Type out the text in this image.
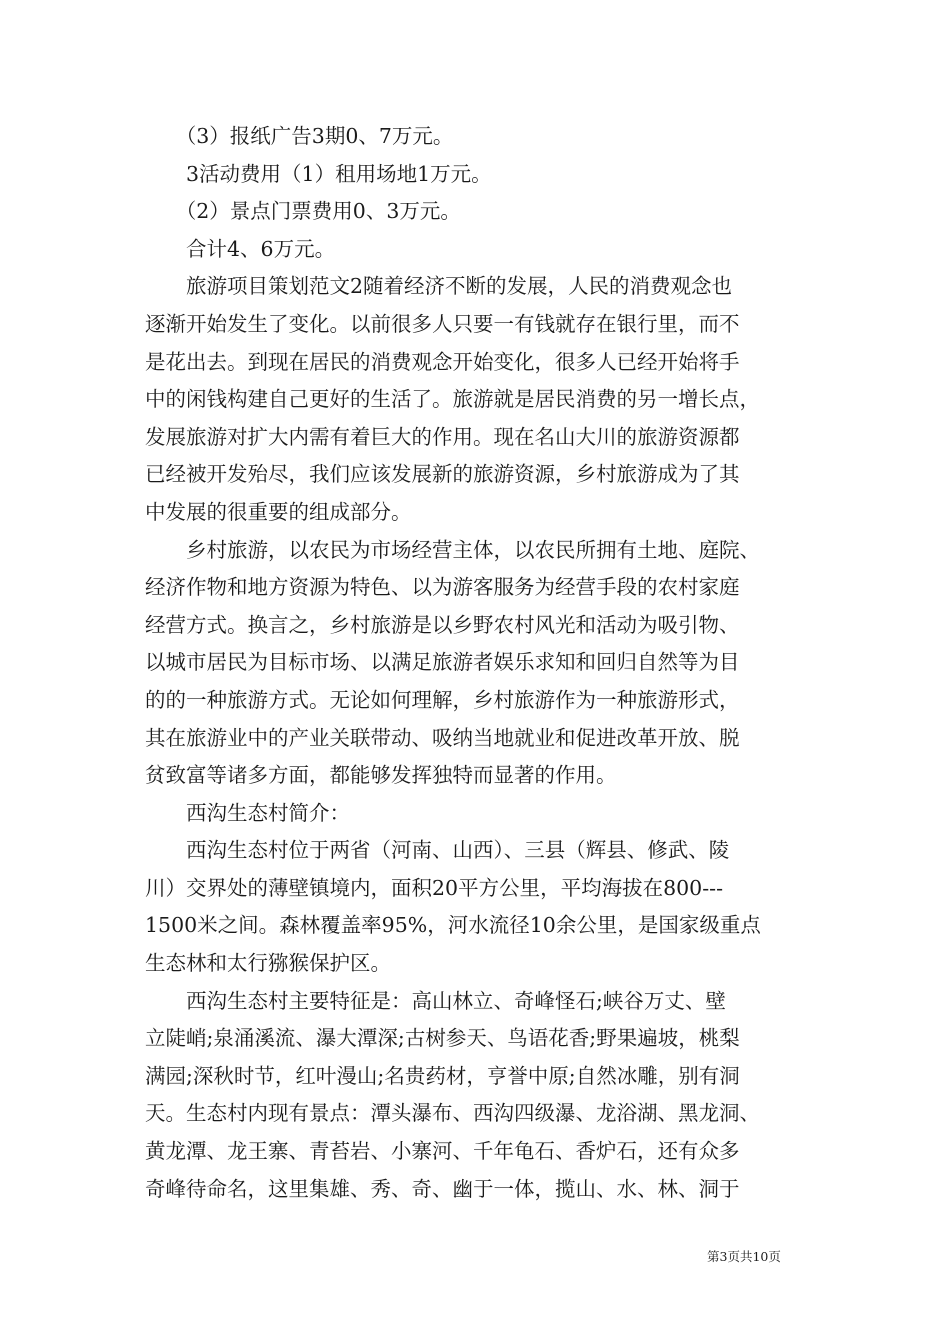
　　（3）报纸广告3期0、7万元。
　　3活动费用（1）租用场地1万元。
　　（2）景点门票费用0、3万元。
　　合计4、6万元。
　　旅游项目策划范文2随着经济不断的发展，人民的消费观念也
逐渐开始发生了变化。以前很多人只要一有钱就存在银行里，而不
是花出去。到现在居民的消费观念开始变化，很多人已经开始将手
中的闲钱构建自己更好的生活了。旅游就是居民消费的另一增长点，
发展旅游对扩大内需有着巨大的作用。现在名山大川的旅游资源都
已经被开发殆尽，我们应该发展新的旅游资源，乡村旅游成为了其
中发展的很重要的组成部分。
　　乡村旅游，以农民为市场经营主体，以农民所拥有土地、庭院、
经济作物和地方资源为特色、以为游客服务为经营手段的农村家庭
经营方式。换言之，乡村旅游是以乡野农村风光和活动为吸引物、
以城市居民为目标市场、以满足旅游者娱乐求知和回归自然等为目
的的一种旅游方式。无论如何理解，乡村旅游作为一种旅游形式，
其在旅游业中的产业关联带动、吸纳当地就业和促进改革开放、脱
贫致富等诸多方面，都能够发挥独特而显著的作用。
　　西沟生态村简介：
　　西沟生态村位于两省（河南、山西）、三县（辉县、修武、陵
川）交界处的薄壁镇境内，面积20平方公里，平均海拔在800---
1500米之间。森林覆盖率95%，河水流径10余公里，是国家级重点
生态林和太行猕猴保护区。
　　西沟生态村主要特征是：高山林立、奇峰怪石;峡谷万丈、壁
立陡峭;泉涌溪流、瀑大潭深;古树参天、鸟语花香;野果遍坡，桃梨
满园;深秋时节，红叶漫山;名贵药材，亨誉中原;自然冰雕，别有洞
天。生态村内现有景点：潭头瀑布、西沟四级瀑、龙浴湖、黑龙洞、
黄龙潭、龙王寨、青苔岩、小寨河、千年龟石、香炉石，还有众多
奇峰待命名，这里集雄、秀、奇、幽于一体，揽山、水、林、洞于
第3页共10页
